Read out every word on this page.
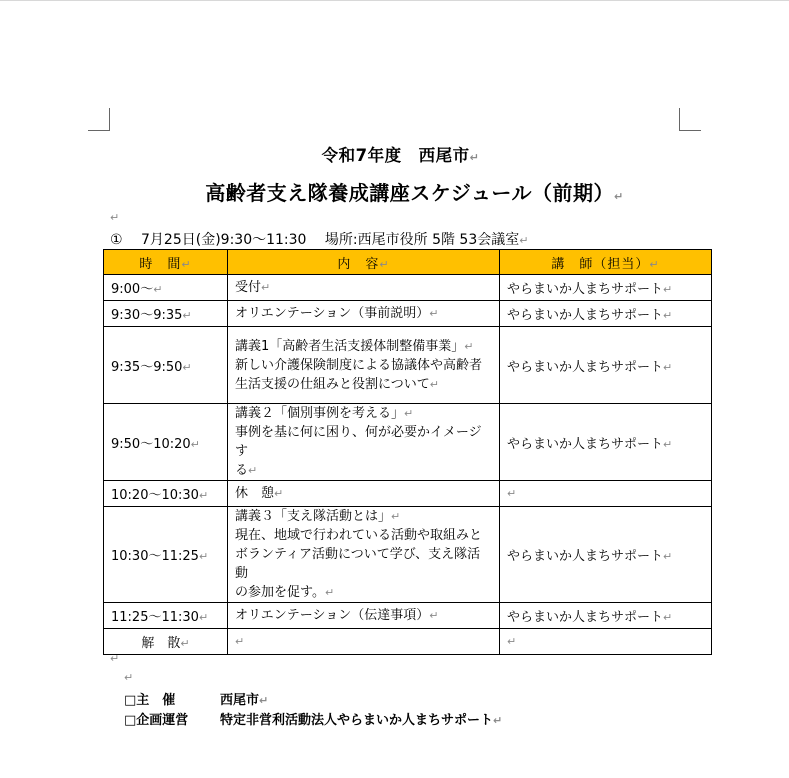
令和7年度　西尾市↵
高齢者支え隊養成講座スケジュール（前期）↵
↵
①　 7月25日(金)9:30～11:30　 場所:西尾市役所 5階 53会議室↵
時　間↵	内　容↵	講　師（担当）↵
9:00～↵	受付↵	やらまいか人まちサポート↵
9:30～9:35↵	オリエンテーション（事前説明）↵	やらまいか人まちサポート↵
9:35～9:50↵	講義1「高齢者生活支援体制整備事業」↵
新しい介護保険制度による協議体や高齢者
生活支援の仕組みと役割について↵	やらまいか人まちサポート↵
9:50～10:20↵	講義２「個別事例を考える」↵
事例を基に何に困り、何が必要かイメージす
る↵	やらまいか人まちサポート↵
10:20～10:30↵	休　憩↵	↵
10:30～11:25↵	講義３「支え隊活動とは」↵
現在、地域で行われている活動や取組みと
ボランティア活動について学び、支え隊活動
の参加を促す。↵	やらまいか人まちサポート↵
11:25～11:30↵	オリエンテーション（伝達事項）↵	やらまいか人まちサポート↵
解　散↵	↵	↵
↵
↵
□主　催	西尾市↵
□企画運営 特定非営利活動法人やらまいか人まちサポート↵
